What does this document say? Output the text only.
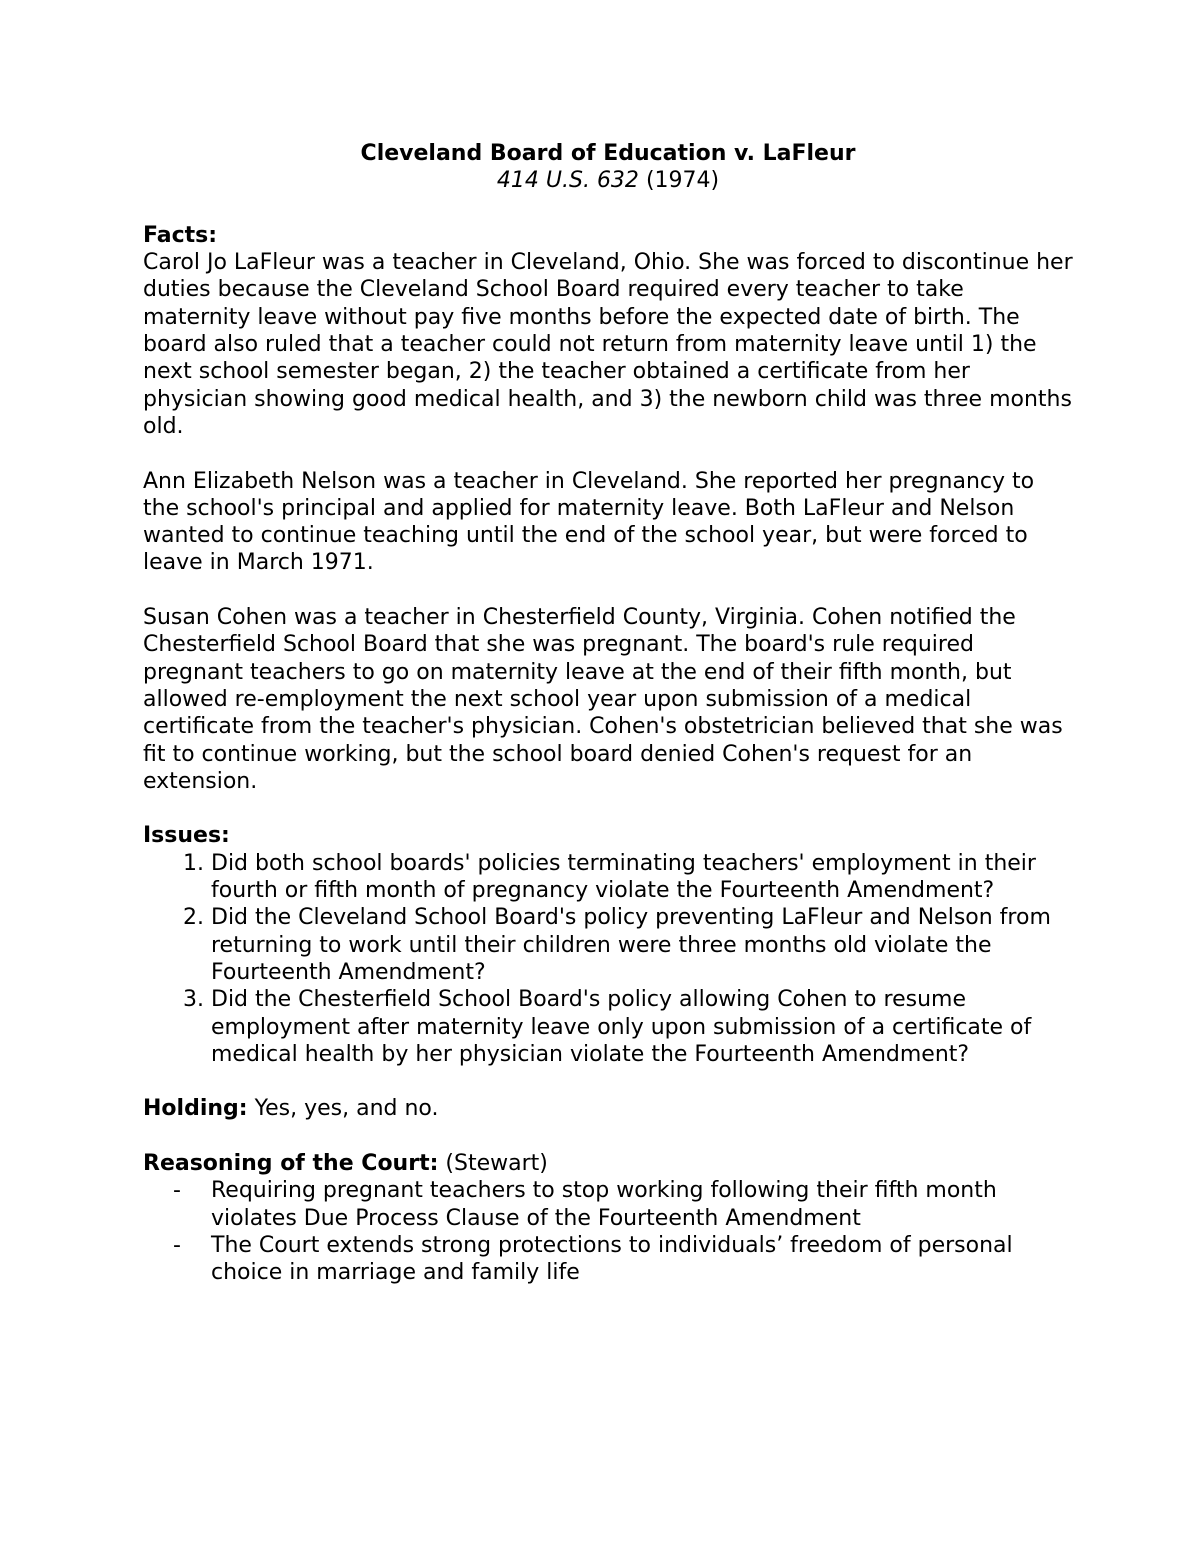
Cleveland Board of Education v. LaFleur
414 U.S. 632 (1974)

Facts:

Carol Jo LaFleur was a teacher in Cleveland, Ohio. She was forced to discontinue her duties because the Cleveland School Board required every teacher to take maternity leave without pay five months before the expected date of birth. The board also ruled that a teacher could not return from maternity leave until 1) the next school semester began, 2) the teacher obtained a certificate from her physician showing good medical health, and 3) the newborn child was three months old.

Ann Elizabeth Nelson was a teacher in Cleveland. She reported her pregnancy to the school's principal and applied for maternity leave. Both LaFleur and Nelson wanted to continue teaching until the end of the school year, but were forced to leave in March 1971.

Susan Cohen was a teacher in Chesterfield County, Virginia. Cohen notified the Chesterfield School Board that she was pregnant. The board's rule required pregnant teachers to go on maternity leave at the end of their fifth month, but allowed re-employment the next school year upon submission of a medical certificate from the teacher's physician. Cohen's obstetrician believed that she was fit to continue working, but the school board denied Cohen's request for an extension.

Issues:

1. Did both school boards' policies terminating teachers' employment in their fourth or fifth month of pregnancy violate the Fourteenth Amendment?
2. Did the Cleveland School Board's policy preventing LaFleur and Nelson from returning to work until their children were three months old violate the Fourteenth Amendment?
3. Did the Chesterfield School Board's policy allowing Cohen to resume employment after maternity leave only upon submission of a certificate of medical health by her physician violate the Fourteenth Amendment?

Holding: Yes, yes, and no.

Reasoning of the Court: (Stewart)

- Requiring pregnant teachers to stop working following their fifth month violates Due Process Clause of the Fourteenth Amendment
- The Court extends strong protections to individuals’ freedom of personal choice in marriage and family life
